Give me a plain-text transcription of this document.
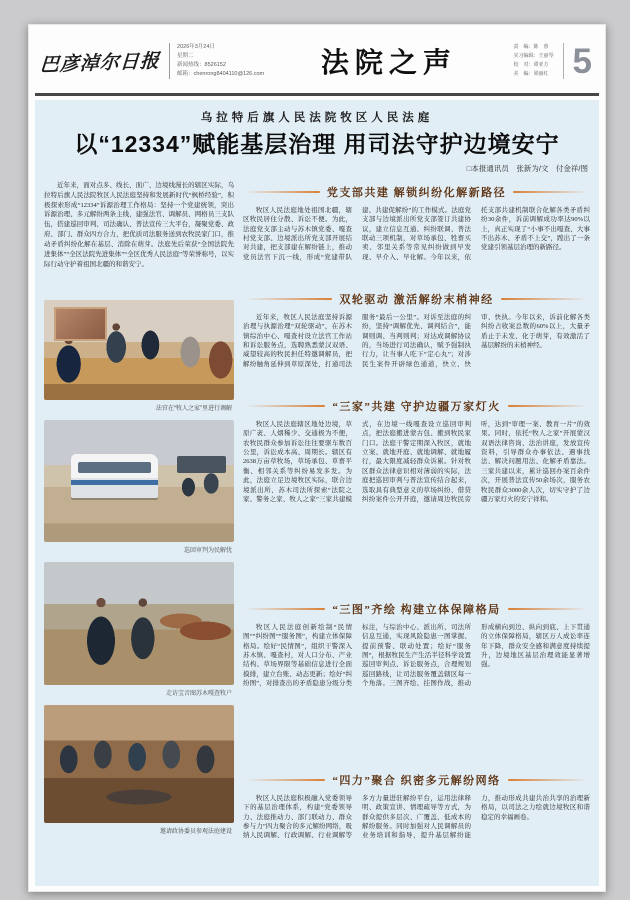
巴彦淖尔日报
2026年3月24日
星期二
新闻热线：8526152
邮箱：chenrong8404110@126.com	法院之声	责　编：陈　蓉
实习编辑：王丽琴
校　对：谭亚方
美　编：梁丽红 5
乌拉特后旗人民法院牧区人民法庭
以“12334”赋能基层治理 用司法守护边境安宁
□本报通讯员　张新为/文　付金祥/图
近年来，面对点多、线长、面广、边境线漫长的辖区实际，乌拉特后旗人民法院牧区人民法庭坚持和发展新时代“枫桥经验”，积极探索形成“12334”诉源治理工作格局：坚持一个党建统领，突出诉源治理、多元解纷两条主线，建强法官、调解员、网格员三支队伍，搭建巡回审判、司法确认、普法宣传三大平台，凝聚党委、政府、部门、群众四方合力，把优质司法服务送到农牧民家门口，推动矛盾纠纷化解在基层、消除在萌芽。法庭先后荣获“全国法院先进集体”“全区法院先进集体”“全区优秀人民法庭”等荣誉称号，以实际行动守护着祖国北疆的和谐安宁。
法官在“牧人之家”里进行调解
巡回审判为民解忧
走访宝音图苏木嘎查牧户
邀请政协委员参观法庭建设
党支部共建 解锁纠纷化解新路径
牧区人民法庭地处祖国北疆，辖区牧民居住分散、诉讼不便。为此，法庭党支部主动与苏木镇党委、嘎查村党支部、边境派出所党支部开展结对共建，把支部建在解纷链上，推动党员法官下沉一线，形成“党建带队建、共建促解纷”的工作模式。法庭党支部与边境派出所党支部签订共建协议，建立信息互通、纠纷联调、普法联动三项机制，对草场承包、牲畜买卖、邻里关系等常见纠纷做到早发现、早介入、早化解。今年以来，依托支部共建机制联合化解各类矛盾纠纷30余件，诉前调解成功率达90%以上，真正实现了“小事不出嘎查、大事不出苏木、矛盾不上交”，蹚出了一条党建引领基层治理的新路径。
双轮驱动 激活解纷末梢神经
近年来，牧区人民法庭坚持诉源治理与执源治理“双轮驱动”，在苏木镇综治中心、嘎查村设立法官工作站和诉讼服务点，选聘熟悉蒙汉双语、威望较高的牧民担任特邀调解员，把解纷触角延伸到草原深处，打通司法服务“最后一公里”。对诉至法庭的纠纷，坚持“调解优先、调判结合”，能调则调、当判则判；对达成调解协议的，当场进行司法确认，赋予强制执行力，让当事人吃下“定心丸”；对涉民生案件开辟绿色通道，快立、快审、快执。今年以来，诉前化解各类纠纷占收案总数的60%以上，大量矛盾止于未发、化于萌芽，有效激活了基层解纷的末梢神经。
“三家”共建 守护边疆万家灯火
牧区人民法庭辖区地处边境，草原广袤、人烟稀少、交通极为不便，农牧民群众参加诉讼往往要驱车数百公里，诉讼成本高、周期长。辖区有2638万亩草牧场，草场承包、草畜平衡、相邻关系等纠纷易发多发。为此，法庭立足边境牧区实际，联合边境派出所、苏木司法所探索“法院之家、警务之家、牧人之家”三家共建模式，在边境一线嘎查设立巡回审判点，把法庭搬进蒙古包、搬到牧民家门口。法庭干警定期深入牧区，就地立案、就地开庭、就地调解、就地履行，最大限度减轻群众诉累。针对牧区群众法律意识相对薄弱的实际，法庭把巡回审判与普法宣传结合起来，选取具有典型意义的草场纠纷、借贷纠纷案件公开开庭，邀请周边牧民旁听，达到“审理一案、教育一片”的效果。同时，依托“牧人之家”开展蒙汉双语法律咨询、法治讲座，发放宣传资料，引导群众办事依法、遇事找法、解决问题用法、化解矛盾靠法。三家共建以来，累计巡回办案百余件次，开展普法宣传50余场次，服务农牧民群众3000余人次，切实守护了边疆万家灯火的安宁祥和。
“三图”齐绘 构建立体保障格局
牧区人民法庭创新绘制“民情图”“纠纷图”“服务图”，构建立体保障格局。绘好“民情图”，组织干警深入苏木镇、嘎查村，对人口分布、产业结构、草场界限等基础信息进行全面摸排，建立台账、动态更新；绘好“纠纷图”，对排查出的矛盾隐患分级分类标注，与综治中心、派出所、司法所信息互通，实现风险隐患一图掌握、提前预警、联动处置；绘好“服务图”，根据牧民生产生活半径科学设置巡回审判点、诉讼服务点，合理规划巡回路线，让司法服务覆盖辖区每一个角落。三图齐绘、挂图作战，推动形成横向到边、纵向到底、上下贯通的立体保障格局，辖区万人成讼率连年下降，群众安全感和满意度持续提升，边境地区基层治理效能显著增强。
“四力”聚合 织密多元解纷网络
牧区人民法庭积极融入党委领导下的基层治理体系，构建“党委领导力、法庭推动力、部门联动力、群众参与力”四力聚合的多元解纷网络，吸纳人民调解、行政调解、行业调解等多方力量进驻解纷平台，运用法律释明、政策宣讲、情理疏导等方式，为群众提供多层次、广覆盖、低成本的解纷服务。同时加强对人民调解员的业务培训和指导，提升基层解纷能力，推动形成共建共治共享的治理新格局，以司法之力绘就边境牧区和谐稳定的幸福画卷。
